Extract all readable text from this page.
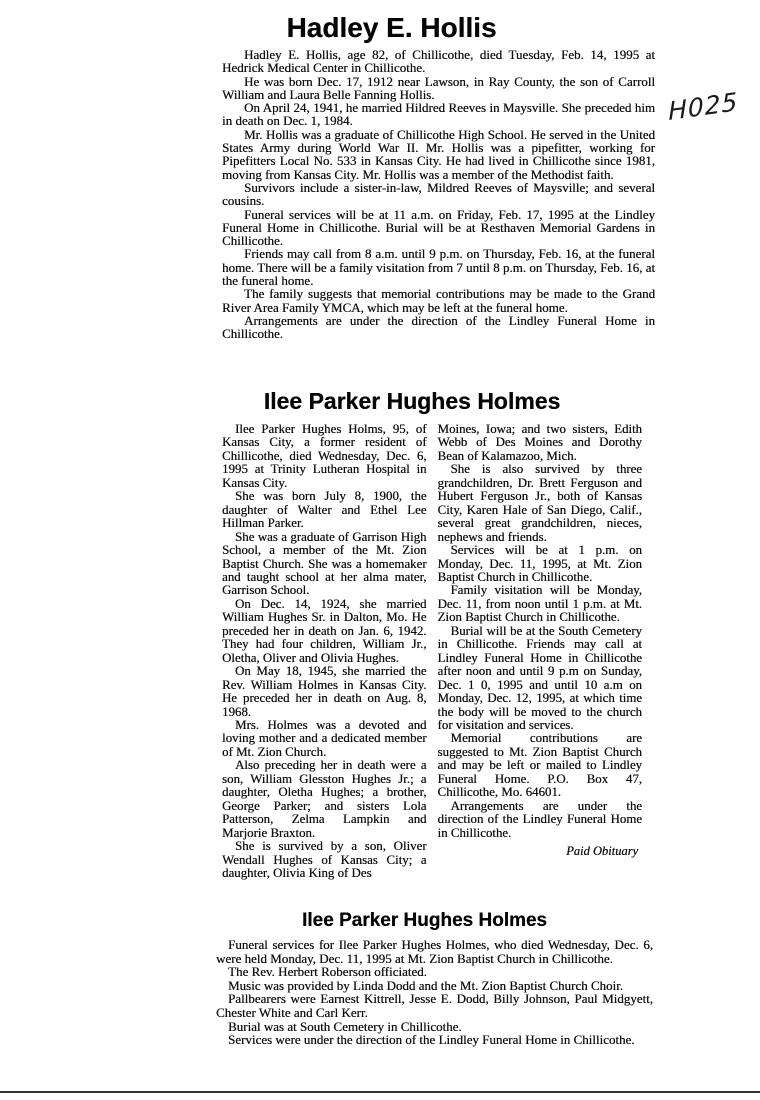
Hadley E. Hollis

Hadley E. Hollis, age 82, of Chillicothe, died Tuesday, Feb. 14, 1995 at Hedrick Medical Center in Chillicothe.

He was born Dec. 17, 1912 near Lawson, in Ray County, the son of Carroll William and Laura Belle Fanning Hollis.

On April 24, 1941, he married Hildred Reeves in Maysville. She preceded him in death on Dec. 1, 1984.

Mr. Hollis was a graduate of Chillicothe High School. He served in the United States Army during World War II. Mr. Hollis was a pipefitter, working for Pipefitters Local No. 533 in Kansas City. He had lived in Chillicothe since 1981, moving from Kansas City. Mr. Hollis was a member of the Methodist faith.

Survivors include a sister-in-law, Mildred Reeves of Maysville; and several cousins.

Funeral services will be at 11 a.m. on Friday, Feb. 17, 1995 at the Lindley Funeral Home in Chillicothe. Burial will be at Resthaven Memorial Gardens in Chillicothe.

Friends may call from 8 a.m. until 9 p.m. on Thursday, Feb. 16, at the funeral home. There will be a family visitation from 7 until 8 p.m. on Thursday, Feb. 16, at the funeral home.

The family suggests that memorial contributions may be made to the Grand River Area Family YMCA, which may be left at the funeral home.

Arrangements are under the direction of the Lindley Funeral Home in Chillicothe.

Ilee Parker Hughes Holmes

Ilee Parker Hughes Holms, 95, of Kansas City, a former resident of Chillicothe, died Wednesday, Dec. 6, 1995 at Trinity Lutheran Hospital in Kansas City.

She was born July 8, 1900, the daughter of Walter and Ethel Lee Hillman Parker.

She was a graduate of Garrison High School, a member of the Mt. Zion Baptist Church. She was a homemaker and taught school at her alma mater, Garrison School.

On Dec. 14, 1924, she married William Hughes Sr. in Dalton, Mo. He preceded her in death on Jan. 6, 1942. They had four children, William Jr., Oletha, Oliver and Olivia Hughes.

On May 18, 1945, she married the Rev. William Holmes in Kansas City. He preceded her in death on Aug. 8, 1968.

Mrs. Holmes was a devoted and loving mother and a dedicated member of Mt. Zion Church.

Also preceding her in death were a son, William Glesston Hughes Jr.; a daughter, Oletha Hughes; a brother, George Parker; and sisters Lola Patterson, Zelma Lampkin and Marjorie Braxton.

She is survived by a son, Oliver Wendall Hughes of Kansas City; a daughter, Olivia King of Des

Moines, Iowa; and two sisters, Edith Webb of Des Moines and Dorothy Bean of Kalamazoo, Mich.

She is also survived by three grandchildren, Dr. Brett Ferguson and Hubert Ferguson Jr., both of Kansas City, Karen Hale of San Diego, Calif., several great grandchildren, nieces, nephews and friends.

Services will be at 1 p.m. on Monday, Dec. 11, 1995, at Mt. Zion Baptist Church in Chillicothe.

Family visitation will be Monday, Dec. 11, from noon until 1 p.m. at Mt. Zion Baptist Church in Chillicothe.

Burial will be at the South Cemetery in Chillicothe. Friends may call at Lindley Funeral Home in Chillicothe after noon and until 9 p.m on Sunday, Dec. 1 0, 1995 and until 10 a.m on Monday, Dec. 12, 1995, at which time the body will be moved to the church for visitation and services.

Memorial contributions are suggested to Mt. Zion Baptist Church and may be left or mailed to Lindley Funeral Home. P.O. Box 47, Chillicothe, Mo. 64601.

Arrangements are under the direction of the Lindley Funeral Home in Chillicothe.

Paid Obituary
Ilee Parker Hughes Holmes

Funeral services for Ilee Parker Hughes Holmes, who died Wednesday, Dec. 6, were held Monday, Dec. 11, 1995 at Mt. Zion Baptist Church in Chillicothe.

The Rev. Herbert Roberson officiated.

Music was provided by Linda Dodd and the Mt. Zion Baptist Church Choir.

Pallbearers were Earnest Kittrell, Jesse E. Dodd, Billy Johnson, Paul Midgyett, Chester White and Carl Kerr.

Burial was at South Cemetery in Chillicothe.

Services were under the direction of the Lindley Funeral Home in Chillicothe.

H025
